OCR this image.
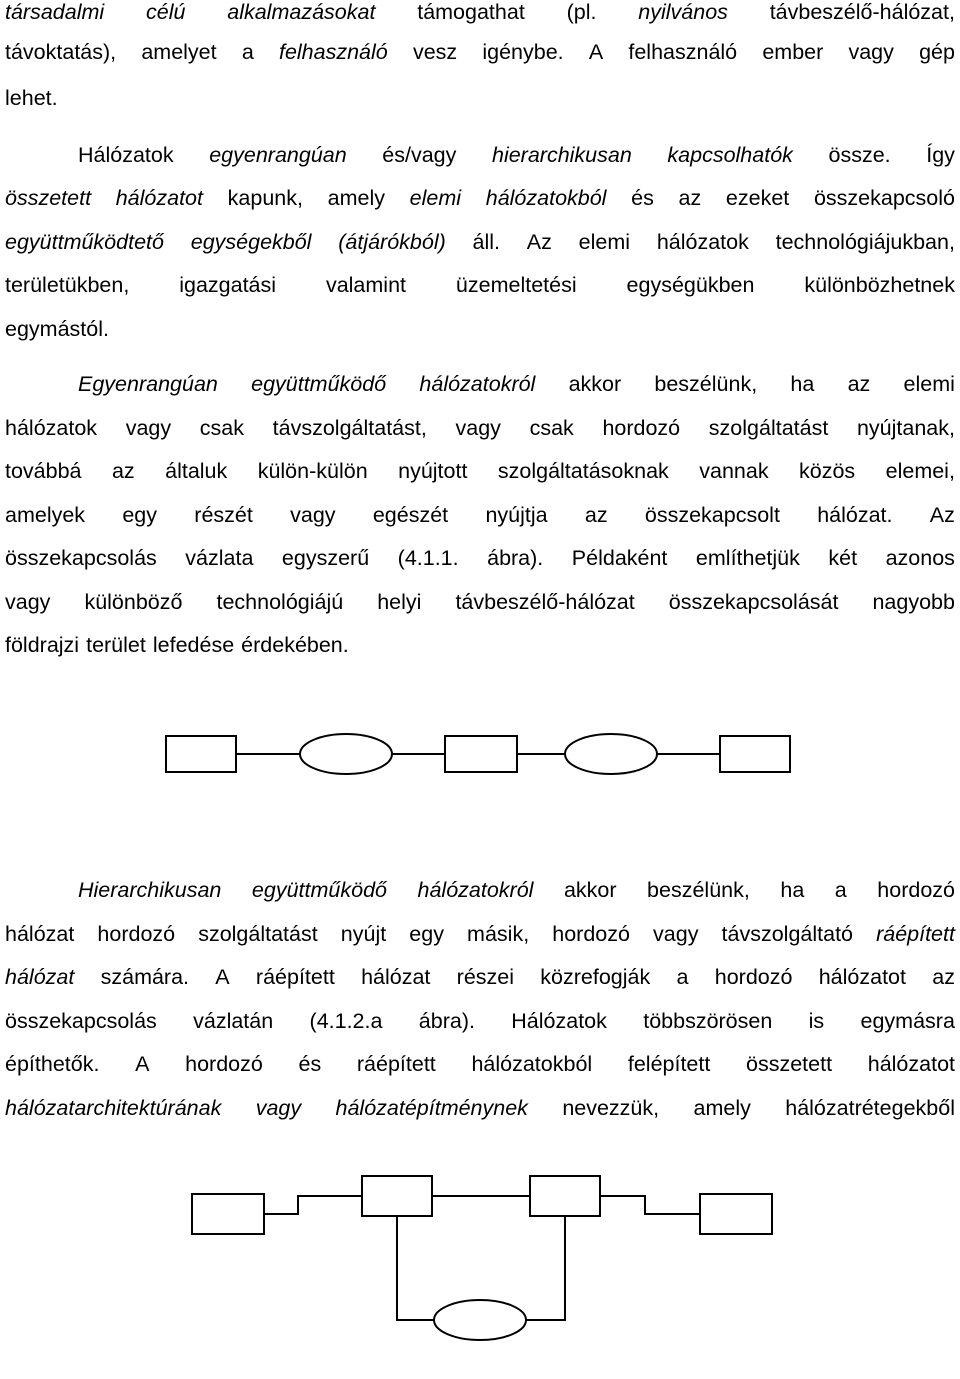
társadalmi célú alkalmazásokat támogathat (pl. nyilvános távbeszélő-hálózat,
távoktatás), amelyet a felhasználó vesz igénybe. A felhasználó ember vagy gép
lehet.
Hálózatok egyenrangúan és/vagy hierarchikusan kapcsolhatók össze. Így
összetett hálózatot kapunk, amely elemi hálózatokból és az ezeket összekapcsoló
együttműködtető egységekből (átjárókból) áll. Az elemi hálózatok technológiájukban,
területükben, igazgatási valamint üzemeltetési egységükben különbözhetnek
egymástól.
Egyenrangúan együttműködő hálózatokról akkor beszélünk, ha az elemi
hálózatok vagy csak távszolgáltatást, vagy csak hordozó szolgáltatást nyújtanak,
továbbá az általuk külön-külön nyújtott szolgáltatásoknak vannak közös elemei,
amelyek egy részét vagy egészét nyújtja az összekapcsolt hálózat. Az
összekapcsolás vázlata egyszerű (4.1.1. ábra). Példaként említhetjük két azonos
vagy különböző technológiájú helyi távbeszélő-hálózat összekapcsolását nagyobb
földrajzi terület lefedése érdekében.
Hierarchikusan együttműködő hálózatokról akkor beszélünk, ha a hordozó
hálózat hordozó szolgáltatást nyújt egy másik, hordozó vagy távszolgáltató ráépített
hálózat számára. A ráépített hálózat részei közrefogják a hordozó hálózatot az
összekapcsolás vázlatán (4.1.2.a ábra). Hálózatok többszörösen is egymásra
építhetők. A hordozó és ráépített hálózatokból felépített összetett hálózatot
hálózatarchitektúrának vagy hálózatépítménynek nevezzük, amely hálózatrétegekből
